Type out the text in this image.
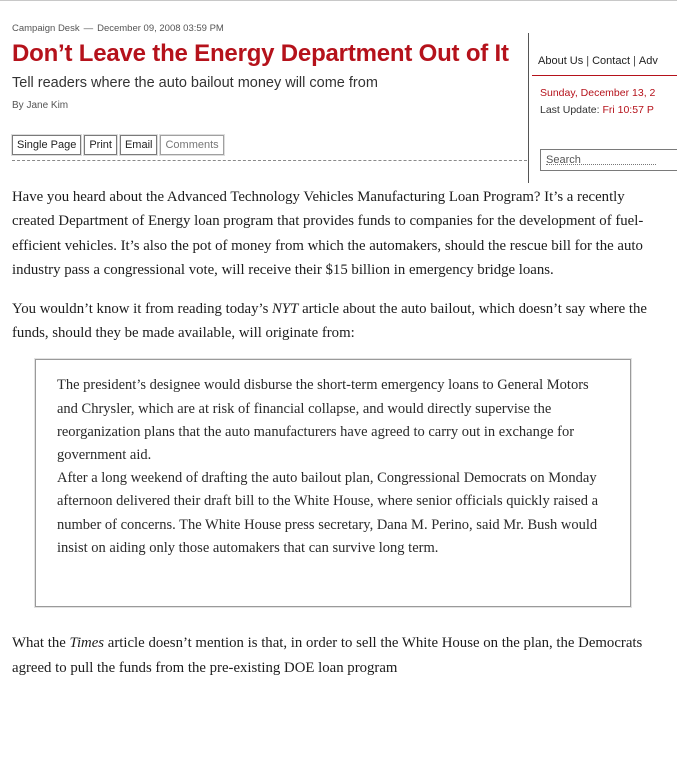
Campaign Desk — December 09, 2008 03:59 PM
Don’t Leave the Energy Department Out of It
Tell readers where the auto bailout money will come from
By Jane Kim
Single Page	Print	Email	Comments
About Us | Contact | Adv
Sunday, December 13, 2
Last Update: Fri 10:57 P
Search

Have you heard about the Advanced Technology Vehicles Manufacturing Loan Program? It’s a recently created Department of Energy loan program that provides funds to companies for the development of fuel-efficient vehicles. It’s also the pot of money from which the automakers, should the rescue bill for the auto industry pass a congressional vote, will receive their $15 billion in emergency bridge loans.

You wouldn’t know it from reading today’s NYT article about the auto bailout, which doesn’t say where the funds, should they be made available, will originate from:

The president’s designee would disburse the short-term emergency loans to General Motors and Chrysler, which are at risk of financial collapse, and would directly supervise the reorganization plans that the auto manufacturers have agreed to carry out in exchange for government aid.

After a long weekend of drafting the auto bailout plan, Congressional Democrats on Monday afternoon delivered their draft bill to the White House, where senior officials quickly raised a number of concerns. The White House press secretary, Dana M. Perino, said Mr. Bush would insist on aiding only those automakers that can survive long term.

What the Times article doesn’t mention is that, in order to sell the White House on the plan, the Democrats agreed to pull the funds from the pre-existing DOE loan program
